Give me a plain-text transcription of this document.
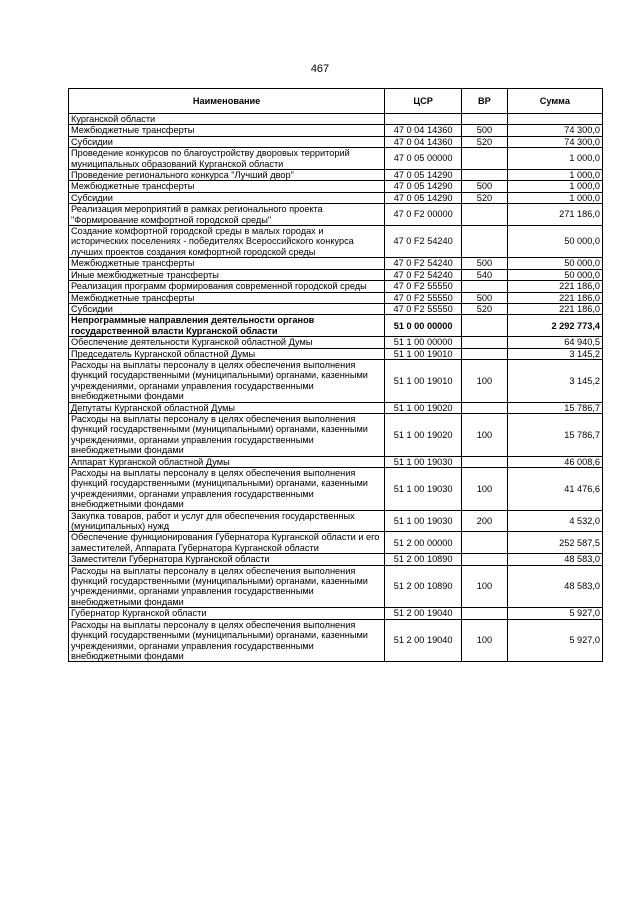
467
Наименование	ЦСР	ВР	Сумма
Курганской области			
Межбюджетные трансферты	47 0 04 14360	500	74 300,0
Субсидии	47 0 04 14360	520	74 300,0
Проведение конкурсов по благоустройству дворовых территорий муниципальных образований Курганской области	47 0 05 00000		1 000,0
Проведение регионального конкурса "Лучший двор"	47 0 05 14290		1 000,0
Межбюджетные трансферты	47 0 05 14290	500	1 000,0
Субсидии	47 0 05 14290	520	1 000,0
Реализация мероприятий в рамках регионального проекта "Формирование комфортной городской среды"	47 0 F2 00000		271 186,0
Создание комфортной городской среды в малых городах и исторических поселениях - победителях Всероссийского конкурса лучших проектов создания комфортной городской среды	47 0 F2 54240		50 000,0
Межбюджетные трансферты	47 0 F2 54240	500	50 000,0
Иные межбюджетные трансферты	47 0 F2 54240	540	50 000,0
Реализация программ формирования современной городской среды	47 0 F2 55550		221 186,0
Межбюджетные трансферты	47 0 F2 55550	500	221 186,0
Субсидии	47 0 F2 55550	520	221 186,0
Непрограммные направления деятельности органов государственной власти Курганской области	51 0 00 00000		2 292 773,4
Обеспечение деятельности Курганской областной Думы	51 1 00 00000		64 940,5
Председатель Курганской областной Думы	51 1 00 19010		3 145,2
Расходы на выплаты персоналу в целях обеспечения выполнения функций государственными (муниципальными) органами, казенными учреждениями, органами управления государственными внебюджетными фондами	51 1 00 19010	100	3 145,2
Депутаты Курганской областной Думы	51 1 00 19020		15 786,7
Расходы на выплаты персоналу в целях обеспечения выполнения функций государственными (муниципальными) органами, казенными учреждениями, органами управления государственными внебюджетными фондами	51 1 00 19020	100	15 786,7
Аппарат Курганской областной Думы	51 1 00 19030		46 008,6
Расходы на выплаты персоналу в целях обеспечения выполнения функций государственными (муниципальными) органами, казенными учреждениями, органами управления государственными внебюджетными фондами	51 1 00 19030	100	41 476,6
Закупка товаров, работ и услуг для обеспечения государственных (муниципальных) нужд	51 1 00 19030	200	4 532,0
Обеспечение функционирования Губернатора Курганской области и его заместителей, Аппарата Губернатора Курганской области	51 2 00 00000		252 587,5
Заместители Губернатора Курганской области	51 2 00 10890		48 583,0
Расходы на выплаты персоналу в целях обеспечения выполнения функций государственными (муниципальными) органами, казенными учреждениями, органами управления государственными внебюджетными фондами	51 2 00 10890	100	48 583,0
Губернатор Курганской области	51 2 00 19040		5 927,0
Расходы на выплаты персоналу в целях обеспечения выполнения функций государственными (муниципальными) органами, казенными учреждениями, органами управления государственными внебюджетными фондами	51 2 00 19040	100	5 927,0
